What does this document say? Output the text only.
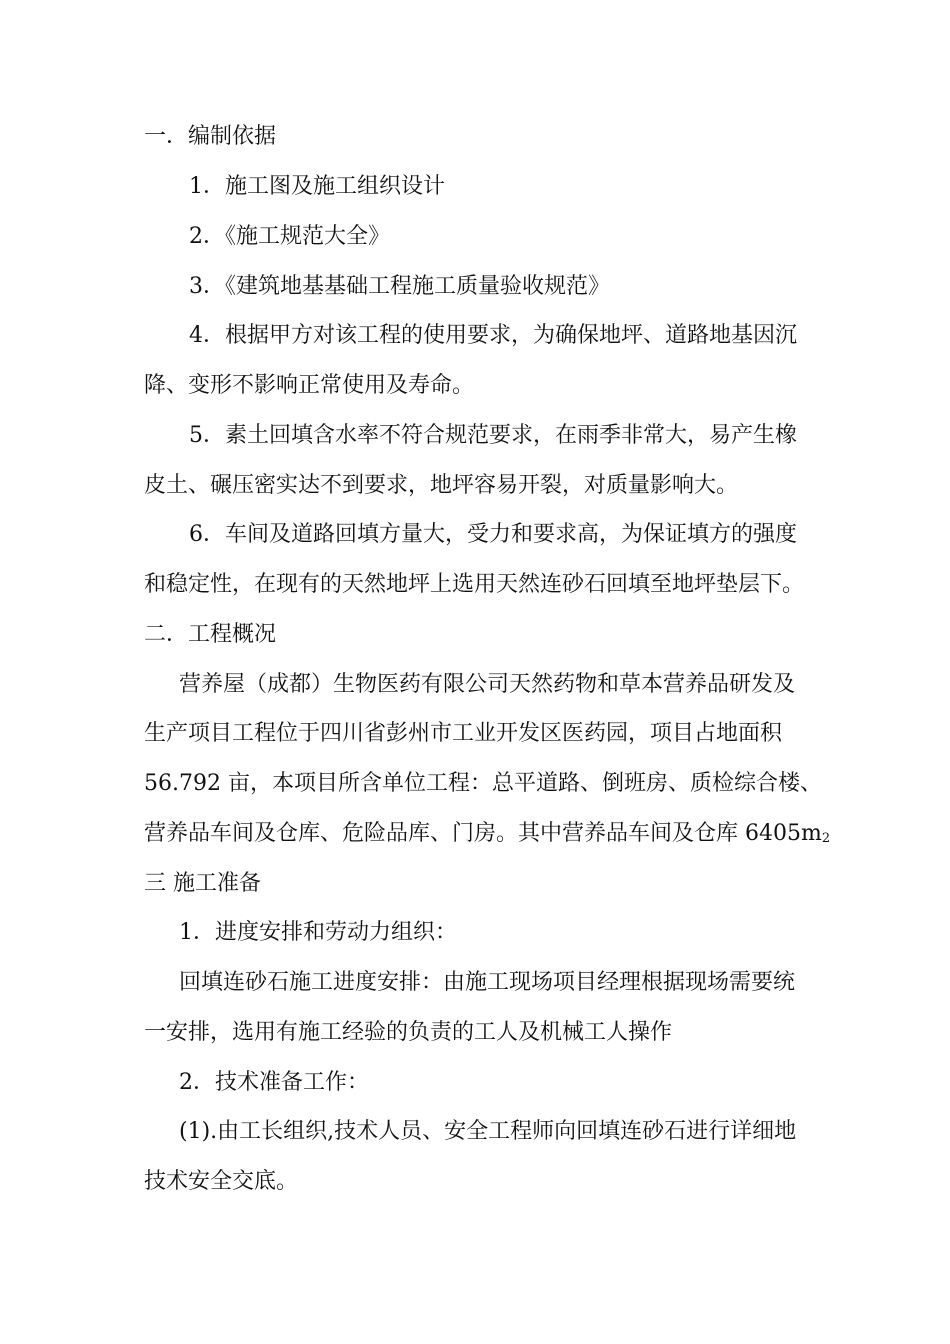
一．编制依据

1．施工图及施工组织设计

2．《施工规范大全》

3．《建筑地基基础工程施工质量验收规范》

4．根据甲方对该工程的使用要求，为确保地坪、道路地基因沉

降、变形不影响正常使用及寿命。

5．素土回填含水率不符合规范要求，在雨季非常大，易产生橡

皮土、碾压密实达不到要求，地坪容易开裂，对质量影响大。

6．车间及道路回填方量大，受力和要求高，为保证填方的强度

和稳定性，在现有的天然地坪上选用天然连砂石回填至地坪垫层下。

二．工程概况

营养屋（成都）生物医药有限公司天然药物和草本营养品研发及

生产项目工程位于四川省彭州市工业开发区医药园，项目占地面积

56.792 亩，本项目所含单位工程：总平道路、倒班房、质检综合楼、

营养品车间及仓库、危险品库、门房。其中营养品车间及仓库 6405m2

三 施工准备

1．进度安排和劳动力组织：

回填连砂石施工进度安排：由施工现场项目经理根据现场需要统

一安排，选用有施工经验的负责的工人及机械工人操作

2．技术准备工作：

(1).由工长组织,技术人员、安全工程师向回填连砂石进行详细地

技术安全交底。
